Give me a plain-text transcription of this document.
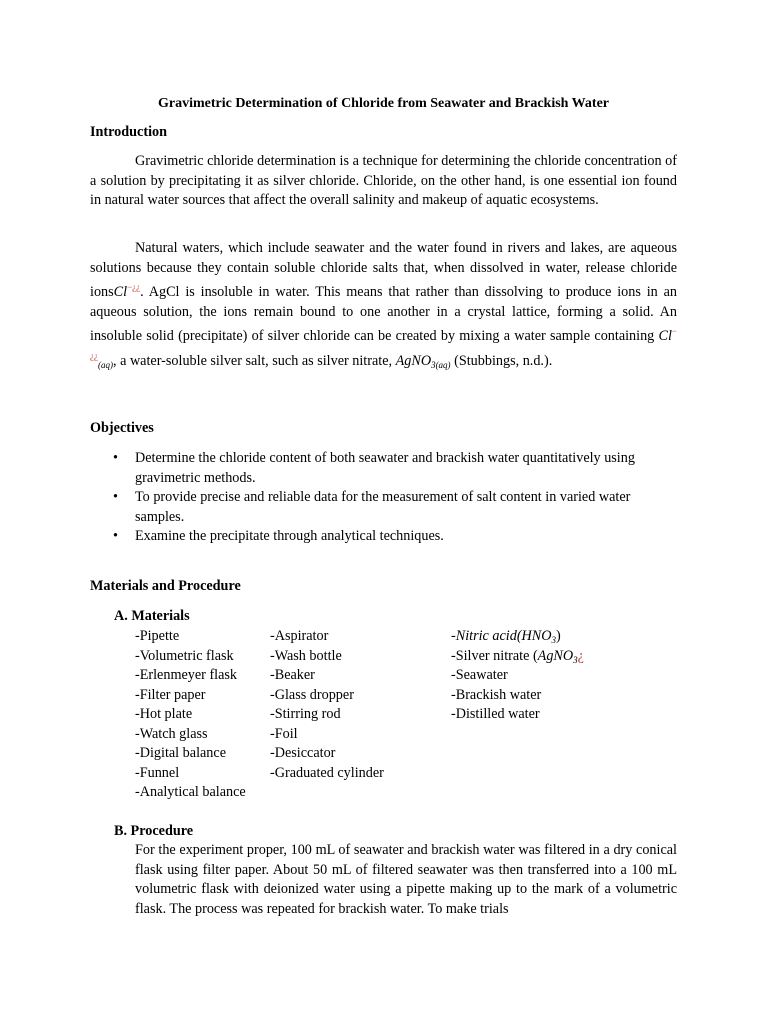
Gravimetric Determination of Chloride from Seawater and Brackish Water
Introduction

Gravimetric chloride determination is a technique for determining the chloride concentration of a solution by precipitating it as silver chloride. Chloride, on the other hand, is one essential ion found in natural water sources that affect the overall salinity and makeup of aquatic ecosystems.

Natural waters, which include seawater and the water found in rivers and lakes, are aqueous solutions because they contain soluble chloride salts that, when dissolved in water, release chloride ionsCl−¿¿. AgCl is insoluble in water. This means that rather than dissolving to produce ions in an aqueous solution, the ions remain bound to one another in a crystal lattice, forming a solid. An insoluble solid (precipitate) of silver chloride can be created by mixing a water sample containing $Cl^{-¿¿}_{(aq)}$, a water-soluble silver salt, such as silver nitrate, AgNO$_{3(aq)}$ (Stubbings, n.d.).

Objectives
• Determine the chloride content of both seawater and brackish water quantitatively using gravimetric methods.
• To provide precise and reliable data for the measurement of salt content in varied water samples.
• Examine the precipitate through analytical techniques.
Materials and Procedure
A. Materials
-Pipette
-Volumetric flask
-Erlenmeyer flask
-Filter paper
-Hot plate
-Watch glass
-Digital balance
-Funnel
-Analytical balance
-Aspirator
-Wash bottle
-Beaker
-Glass dropper
-Stirring rod
-Foil
-Desiccator
-Graduated cylinder
-Nitric $acid(HNO_3)$
-Silver nitrate (AgNO$_3$¿
-Seawater
-Brackish water
-Distilled water
B. Procedure
For the experiment proper, 100 mL of seawater and brackish water was filtered in a dry conical flask using filter paper. About 50 mL of filtered seawater was then transferred into a 100 mL volumetric flask with deionized water using a pipette making up to the mark of a volumetric flask. The process was repeated for brackish water. To make trials
